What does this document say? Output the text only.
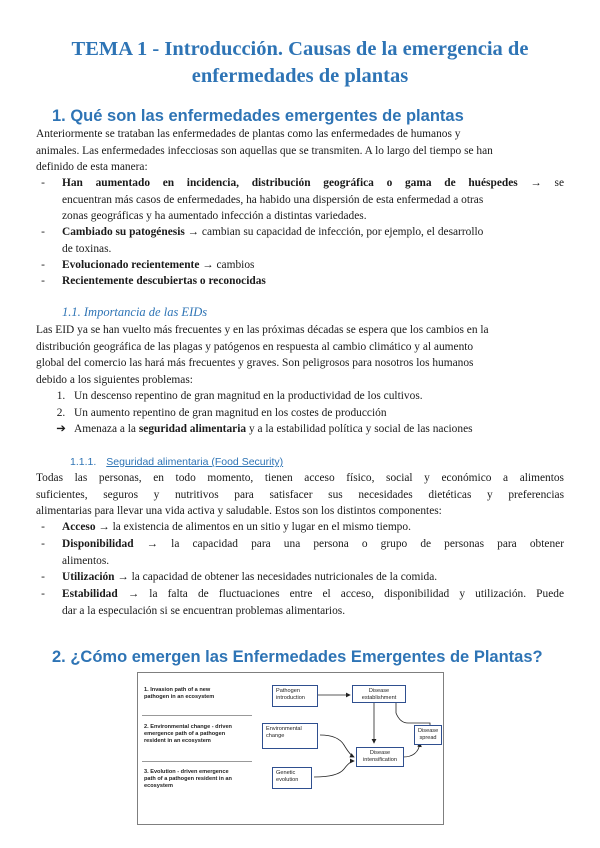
TEMA 1 - Introducción. Causas de la emergencia de
enfermedades de plantas
1. Qué son las enfermedades emergentes de plantas
Anteriormente se trataban las enfermedades de plantas como las enfermedades de humanos y
animales. Las enfermedades infecciosas son aquellas que se transmiten. A lo largo del tiempo se han
definido de esta manera:
-	Han aumentado en incidencia, distribución geográfica o gama de huéspedes → se
encuentran más casos de enfermedades, ha habido una dispersión de esta enfermedad a otras
zonas geográficas y ha aumentado infección a distintas variedades.
-	Cambiado su patogénesis → cambian su capacidad de infección, por ejemplo, el desarrollo
de toxinas.
-	Evolucionado recientemente → cambios
-	Recientemente descubiertas o reconocidas
1.1. Importancia de las EIDs
Las EID ya se han vuelto más frecuentes y en las próximas décadas se espera que los cambios en la
distribución geográfica de las plagas y patógenos en respuesta al cambio climático y al aumento
global del comercio las hará más frecuentes y graves. Son peligrosos para nosotros los humanos
debido a los siguientes problemas:
1. Un descenso repentino de gran magnitud en la productividad de los cultivos.
2. Un aumento repentino de gran magnitud en los costes de producción
➔ Amenaza a la seguridad alimentaria y a la estabilidad política y social de las naciones
1.1.1. Seguridad alimentaria (Food Security)
Todas las personas, en todo momento, tienen acceso físico, social y económico a alimentos
suficientes, seguros y nutritivos para satisfacer sus necesidades dietéticas y preferencias
alimentarias para llevar una vida activa y saludable. Estos son los distintos componentes:
-	Acceso → la existencia de alimentos en un sitio y lugar en el mismo tiempo.
-	Disponibilidad → la capacidad para una persona o grupo de personas para obtener
alimentos.
-	Utilización → la capacidad de obtener las necesidades nutricionales de la comida.
-	Estabilidad → la falta de fluctuaciones entre el acceso, disponibilidad y utilización. Puede
dar a la especulación si se encuentran problemas alimentarios.
2. ¿Cómo emergen las Enfermedades Emergentes de Plantas?
1. Invasion path of a new
pathogen in an ecosystem
2. Environmental change - driven
emergence path of a pathogen
resident in an ecosystem
3. Evolution - driven emergence
path of a pathogen resident in an
ecosystem
Pathogen
introduction
Disease
establishment
Environmental
change
Disease
intensification
Disease
spread
Genetic
evolution
